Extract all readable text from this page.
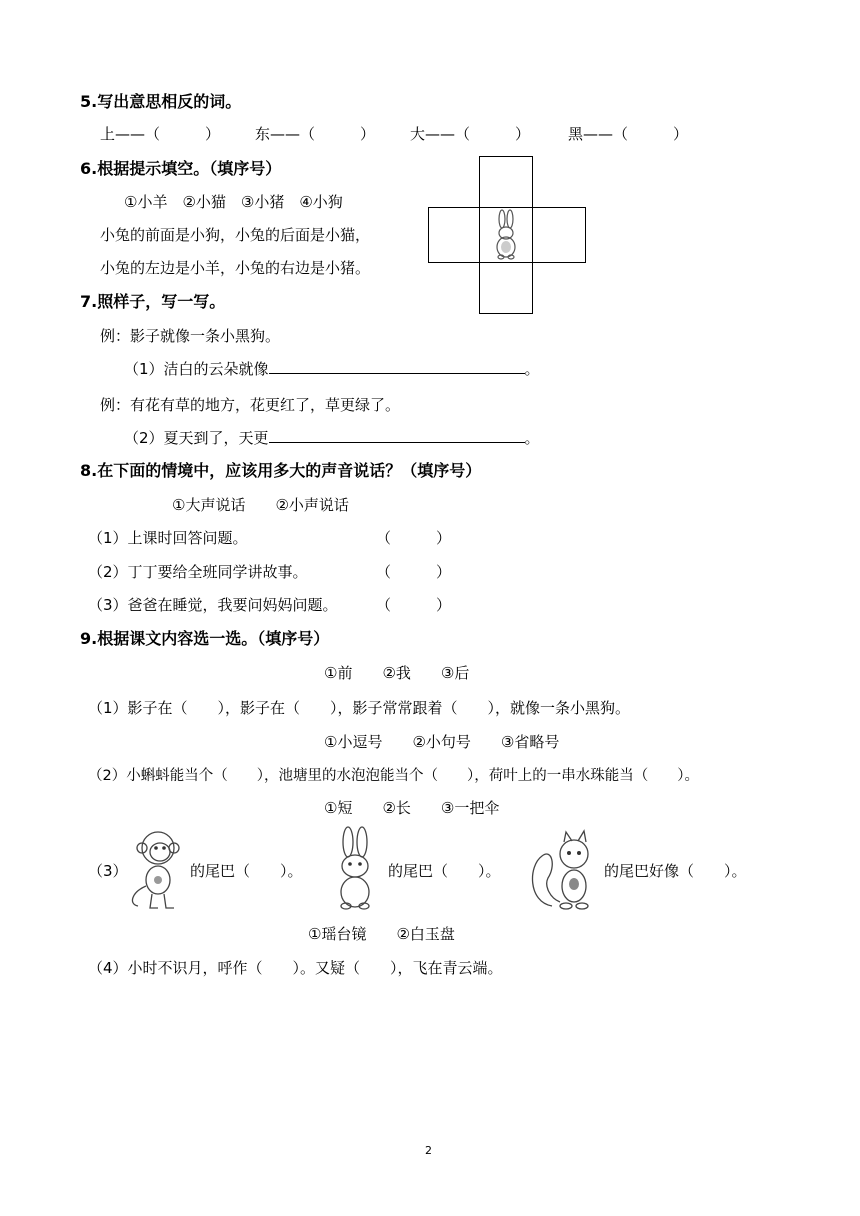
5.写出意思相反的词。
上——（　　　） 东——（　　　） 大——（　　　）	黑——（　　　）
6.根据提示填空。（填序号）
①小羊　②小猫　③小猪　④小狗
小兔的前面是小狗，小兔的后面是小猫，
小兔的左边是小羊，小兔的右边是小猪。
7.照样子，写一写。
例：影子就像一条小黑狗。
（1）洁白的云朵就像	。
例：有花有草的地方，花更红了，草更绿了。
（2）夏天到了，天更	。
8.在下面的情境中，应该用多大的声音说话？（填序号）
①大声说话　　②小声说话
（1）上课时回答问题。	（　　　）
（2）丁丁要给全班同学讲故事。	（　　　）
（3）爸爸在睡觉，我要问妈妈问题。	（　　　）
9.根据课文内容选一选。（填序号）
①前　　②我　　③后
（1）影子在（　　），影子在（　　），影子常常跟着（　　），就像一条小黑狗。
①小逗号　　②小句号　　③省略号
（2）小蝌蚪能当个（　　），池塘里的水泡泡能当个（　　），荷叶上的一串水珠能当（　　）。
①短　　②长　　③一把伞
（3）	的尾巴（　　）。	的尾巴（　　）。	的尾巴好像（　　）。
①瑶台镜　　②白玉盘
（4）小时不识月，呼作（　　）。又疑（　　），飞在青云端。
2
